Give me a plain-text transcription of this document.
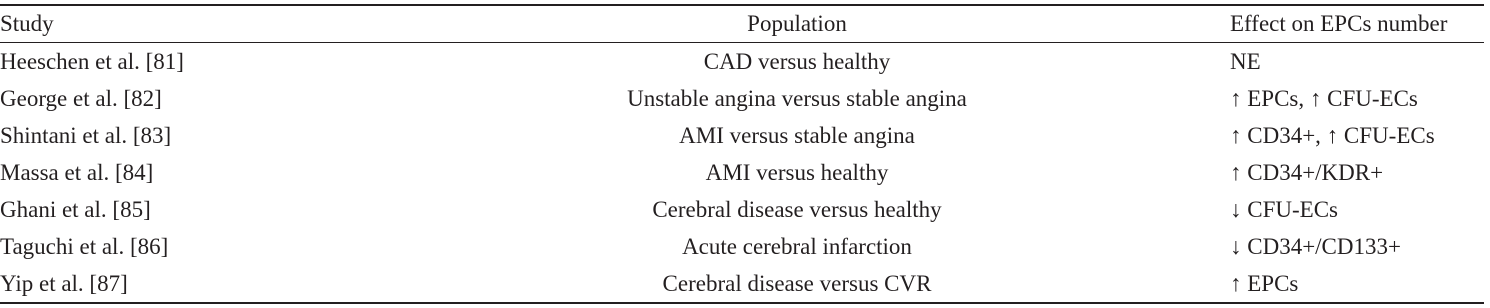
Study	Population	Effect on EPCs number
Heeschen et al. [81]	CAD versus healthy	NE
George et al. [82]	Unstable angina versus stable angina	↑ EPCs, ↑ CFU-ECs
Shintani et al. [83]	AMI versus stable angina	↑ CD34+, ↑ CFU-ECs
Massa et al. [84]	AMI versus healthy	↑ CD34+/KDR+
Ghani et al. [85]	Cerebral disease versus healthy	↓ CFU-ECs
Taguchi et al. [86]	Acute cerebral infarction	↓ CD34+/CD133+
Yip et al. [87]	Cerebral disease versus CVR	↑ EPCs
